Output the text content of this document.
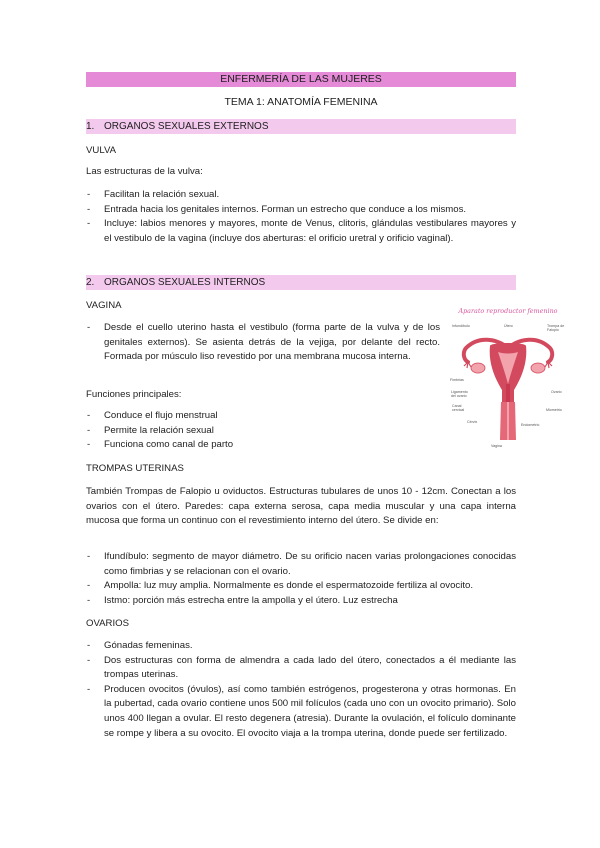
ENFERMERÍA DE LAS MUJERES
TEMA 1: ANATOMÍA FEMENINA
1. ORGANOS SEXUALES EXTERNOS
VULVA
Las estructuras de la vulva:
- Facilitan la relación sexual.
- Entrada hacia los genitales internos. Forman un estrecho que conduce a los mismos.
- Incluye: labios menores y mayores, monte de Venus, clitoris, glándulas vestibulares mayores y el vestibulo de la vagina (incluye dos aberturas: el orificio uretral y orificio vaginal).
2. ORGANOS SEXUALES INTERNOS
VAGINA
- Desde el cuello uterino hasta el vestibulo (forma parte de la vulva y de los genitales externos). Se asienta detrás de la vejiga, por delante del recto. Formada por músculo liso revestido por una membrana mucosa interna.
Funciones principales:
- Conduce el flujo menstrual
- Permite la relación sexual
- Funciona como canal de parto
TROMPAS UTERINAS
También Trompas de Falopio u oviductos. Estructuras tubulares de unos 10 - 12cm. Conectan a los ovarios con el útero. Paredes: capa externa serosa, capa media muscular y una capa interna mucosa que forma un continuo con el revestimiento interno del útero. Se divide en:
- Ifundíbulo: segmento de mayor diámetro. De su orificio nacen varias prolongaciones conocidas como fimbrias y se relacionan con el ovario.
- Ampolla: luz muy amplia. Normalmente es donde el espermatozoide fertiliza al ovocito.
- Istmo: porción más estrecha entre la ampolla y el útero. Luz estrecha
OVARIOS
- Gónadas femeninas.
- Dos estructuras con forma de almendra a cada lado del útero, conectados a él mediante las trompas uterinas.
- Producen ovocitos (óvulos), así como también estrógenos, progesterona y otras hormonas. En la pubertad, cada ovario contiene unos 500 mil folículos (cada uno con un ovocito primario). Solo unos 400 llegan a ovular. El resto degenera (atresia). Durante la ovulación, el folículo dominante se rompe y libera a su ovocito. El ovocito viaja a la trompa uterina, donde puede ser fertilizado.
Aparato reproductor femenino
Infundíbulo	Útero	Trompa de Falopio
Fimbrias
Ligamento del ovario
Canal cervical
Cérvix
Ovario
Miometrio
Endometrio
Vagina
